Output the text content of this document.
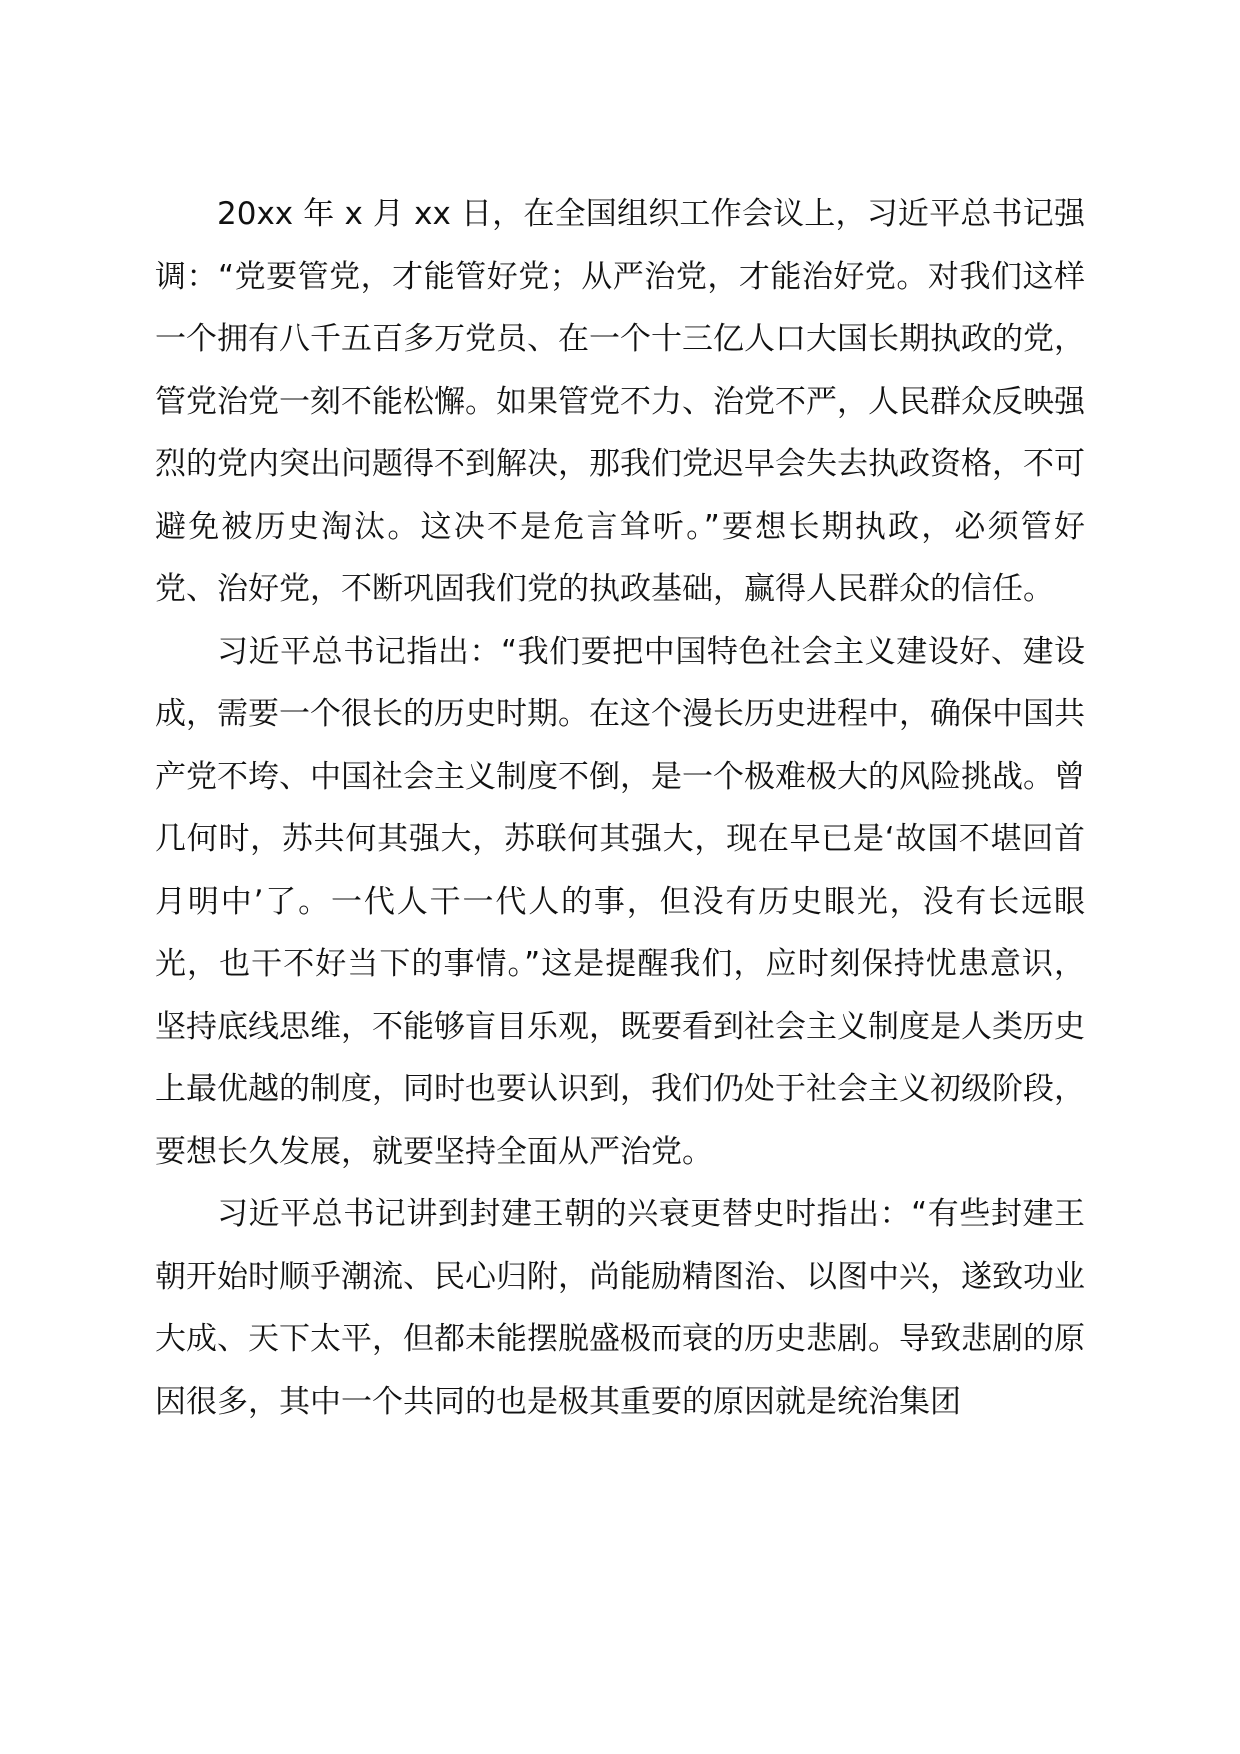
20xx 年 x 月 xx 日，在全国组织工作会议上，习近平总书记强调：“党要管党，才能管好党；从严治党，才能治好党。对我们这样一个拥有八千五百多万党员、在一个十三亿人口大国长期执政的党，管党治党一刻不能松懈。如果管党不力、治党不严，人民群众反映强烈的党内突出问题得不到解决，那我们党迟早会失去执政资格，不可避免被历史淘汰。这决不是危言耸听。”要想长期执政，必须管好党、治好党，不断巩固我们党的执政基础，赢得人民群众的信任。

习近平总书记指出：“我们要把中国特色社会主义建设好、建设成，需要一个很长的历史时期。在这个漫长历史进程中，确保中国共产党不垮、中国社会主义制度不倒，是一个极难极大的风险挑战。曾几何时，苏共何其强大，苏联何其强大，现在早已是‘故国不堪回首月明中’了。一代人干一代人的事，但没有历史眼光，没有长远眼光，也干不好当下的事情。”这是提醒我们，应时刻保持忧患意识，坚持底线思维，不能够盲目乐观，既要看到社会主义制度是人类历史上最优越的制度，同时也要认识到，我们仍处于社会主义初级阶段，要想长久发展，就要坚持全面从严治党。

习近平总书记讲到封建王朝的兴衰更替史时指出：“有些封建王朝开始时顺乎潮流、民心归附，尚能励精图治、以图中兴，遂致功业大成、天下太平，但都未能摆脱盛极而衰的历史悲剧。导致悲剧的原因很多，其中一个共同的也是极其重要的原因就是统治集团
